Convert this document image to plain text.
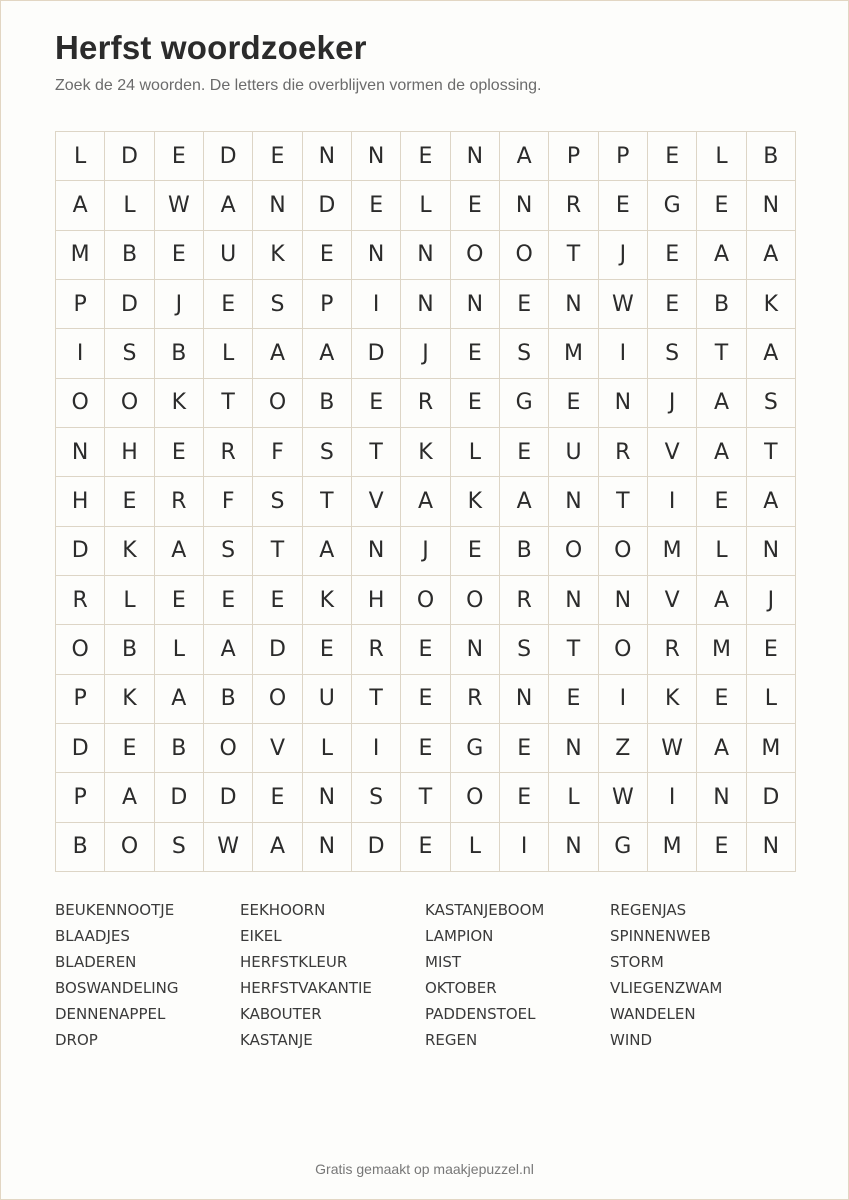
Herfst woordzoeker

Zoek de 24 woorden. De letters die overblijven vormen de oplossing.

L	D	E	D	E	N	N	E	N	A	P	P	E	L	B
A	L	W	A	N	D	E	L	E	N	R	E	G	E	N
M	B	E	U	K	E	N	N	O	O	T	J	E	A	A
P	D	J	E	S	P	I	N	N	E	N	W	E	B	K
I	S	B	L	A	A	D	J	E	S	M	I	S	T	A
O	O	K	T	O	B	E	R	E	G	E	N	J	A	S
N	H	E	R	F	S	T	K	L	E	U	R	V	A	T
H	E	R	F	S	T	V	A	K	A	N	T	I	E	A
D	K	A	S	T	A	N	J	E	B	O	O	M	L	N
R	L	E	E	E	K	H	O	O	R	N	N	V	A	J
O	B	L	A	D	E	R	E	N	S	T	O	R	M	E
P	K	A	B	O	U	T	E	R	N	E	I	K	E	L
D	E	B	O	V	L	I	E	G	E	N	Z	W	A	M
P	A	D	D	E	N	S	T	O	E	L	W	I	N	D
B	O	S	W	A	N	D	E	L	I	N	G	M	E	N
BEUKENNOOTJE
BLAADJES
BLADEREN
BOSWANDELING
DENNENAPPEL
DROP
EEKHOORN
EIKEL
HERFSTKLEUR
HERFSTVAKANTIE
KABOUTER
KASTANJE
KASTANJEBOOM
LAMPION
MIST
OKTOBER
PADDENSTOEL
REGEN
REGENJAS
SPINNENWEB
STORM
VLIEGENZWAM
WANDELEN
WIND
Gratis gemaakt op maakjepuzzel.nl
